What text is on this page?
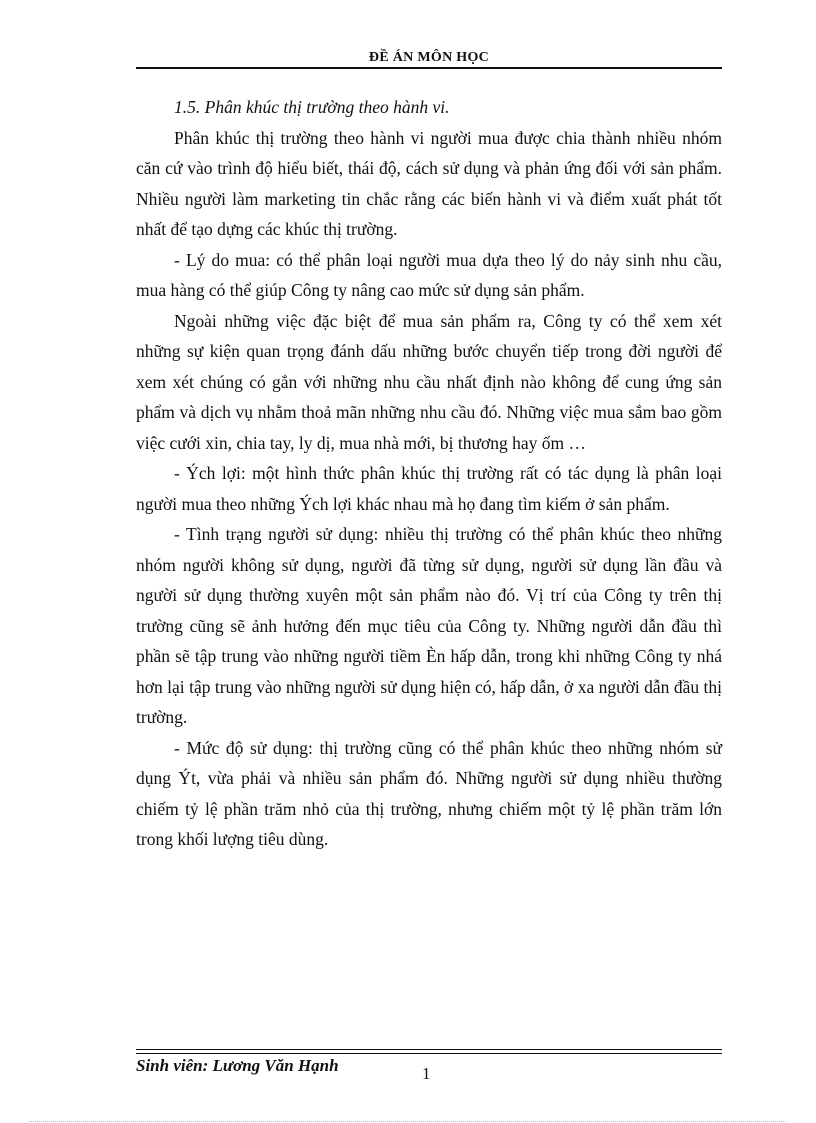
ĐỀ ÁN MÔN HỌC

1.5. Phân khúc thị trường theo hành vi.

Phân khúc thị trường theo hành vi người mua được chia thành nhiều nhóm căn cứ vào trình độ hiểu biết, thái độ, cách sử dụng và phản ứng đối với sản phẩm. Nhiều người làm marketing tin chắc rằng các biến hành vi và điểm xuất phát tốt nhất để tạo dựng các khúc thị trường.

- Lý do mua: có thể phân loại người mua dựa theo lý do nảy sinh nhu cầu, mua hàng có thể giúp Công ty nâng cao mức sử dụng sản phẩm.

Ngoài những việc đặc biệt để mua sản phẩm ra, Công ty có thể xem xét những sự kiện quan trọng đánh dấu những bước chuyển tiếp trong đời người để xem xét chúng có gắn với những nhu cầu nhất định nào không để cung ứng sản phẩm và dịch vụ nhằm thoả mãn những nhu cầu đó. Những việc mua sắm bao gồm việc cưới xin, chia tay, ly dị, mua nhà mới, bị thương hay ốm …

- Ých lợi: một hình thức phân khúc thị trường rất có tác dụng là phân loại người mua theo những Ých lợi khác nhau mà họ đang tìm kiếm ở sản phẩm.

- Tình trạng người sử dụng: nhiều thị trường có thể phân khúc theo những nhóm người không sử dụng, người đã từng sử dụng, người sử dụng lần đầu và người sử dụng thường xuyên một sản phẩm nào đó. Vị trí của Công ty trên thị trường cũng sẽ ảnh hưởng đến mục tiêu của Công ty. Những người dẫn đầu thì phần sẽ tập trung vào những người tiềm Èn hấp dẫn, trong khi những Công ty nhá hơn lại tập trung vào những người sử dụng hiện có, hấp dẫn, ở xa người dẫn đầu thị trường.

- Mức độ sử dụng: thị trường cũng có thể phân khúc theo những nhóm sử dụng Ýt, vừa phải và nhiều sản phẩm đó. Những người sử dụng nhiều thường chiếm tỷ lệ phần trăm nhỏ của thị trường, nhưng chiếm một tỷ lệ phần trăm lớn trong khối lượng tiêu dùng.

Sinh viên: Lương Văn Hạnh	1
